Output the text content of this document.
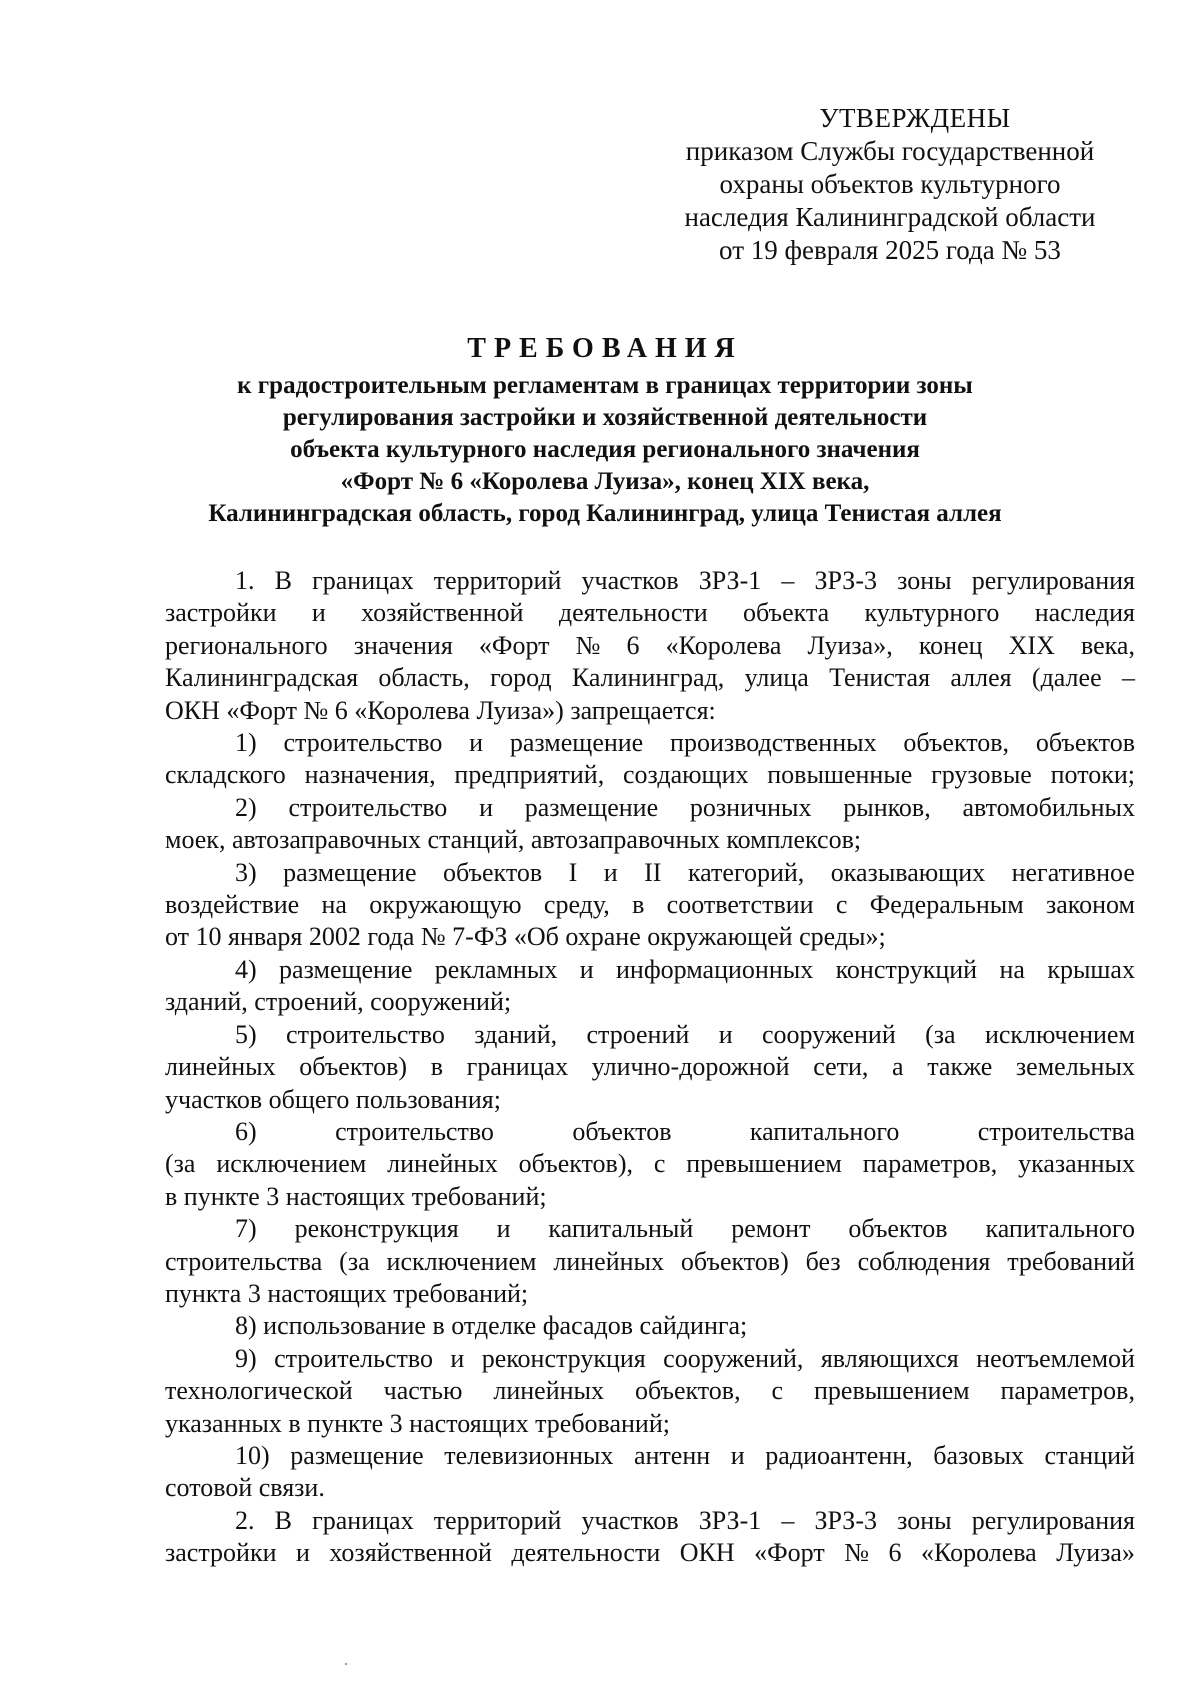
УТВЕРЖДЕНЫ
приказом Службы государственной
охраны объектов культурного
наследия Калининградской области
от 19 февраля 2025 года № 53
ТРЕБОВАНИЯ
к градостроительным регламентам в границах территории зоны
регулирования застройки и хозяйственной деятельности
объекта культурного наследия регионального значения
«Форт № 6 «Королева Луиза», конец XIX века,
Калининградская область, город Калининград, улица Тенистая аллея
1. В границах территорий участков ЗРЗ-1 – ЗРЗ-3 зоны регулирования
застройки и хозяйственной деятельности объекта культурного наследия
регионального значения «Форт № 6 «Королева Луиза», конец XIX века,
Калининградская область, город Калининград, улица Тенистая аллея (далее –
ОКН «Форт № 6 «Королева Луиза») запрещается:
1) строительство и размещение производственных объектов, объектов
складского назначения, предприятий, создающих повышенные грузовые потоки;
2) строительство и размещение розничных рынков, автомобильных
моек, автозаправочных станций, автозаправочных комплексов;
3) размещение объектов I и II категорий, оказывающих негативное
воздействие на окружающую среду, в соответствии с Федеральным законом
от 10 января 2002 года № 7-ФЗ «Об охране окружающей среды»;
4) размещение рекламных и информационных конструкций на крышах
зданий, строений, сооружений;
5) строительство зданий, строений и сооружений (за исключением
линейных объектов) в границах улично-дорожной сети, а также земельных
участков общего пользования;
6)	строительство	объектов	капитального	строительства
(за исключением линейных объектов), с превышением параметров, указанных
в пункте 3 настоящих требований;
7) реконструкция и капитальный ремонт объектов капитального
строительства (за исключением линейных объектов) без соблюдения требований
пункта 3 настоящих требований;
8) использование в отделке фасадов сайдинга;
9) строительство и реконструкция сооружений, являющихся неотъемлемой
технологической частью линейных объектов, с превышением параметров,
указанных в пункте 3 настоящих требований;
10) размещение телевизионных антенн и радиоантенн, базовых станций
сотовой связи.
2. В границах территорий участков ЗРЗ-1 – ЗРЗ-3 зоны регулирования
застройки и хозяйственной деятельности ОКН «Форт № 6 «Королева Луиза»
